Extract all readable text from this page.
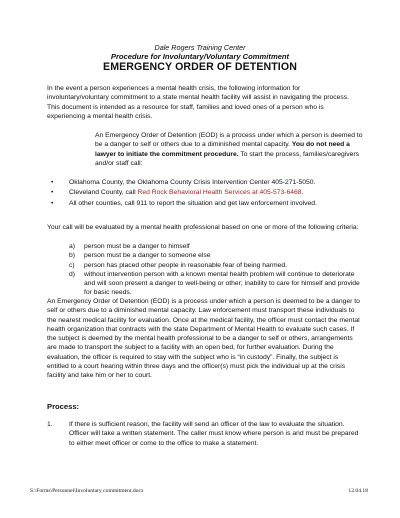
Dale Rogers Training Center
Procedure for Involuntary/Voluntary Commitment
EMERGENCY ORDER OF DETENTION

In the event a person experiences a mental health crisis, the following information for involuntary/voluntary commitment to a state mental health facility will assist in navigating the process. This document is intended as a resource for staff, families and loved ones of a person who is experiencing a mental health crisis.

An Emergency Order of Detention (EOD) is a process under which a person is deemed to be a danger to self or others due to a diminished mental capacity. You do not need a lawyer to initiate the commitment procedure. To start the process, families/caregivers and/or staff call:

• Oklahoma County, the Oklahoma County Crisis Intervention Center 405-271-5050.
• Cleveland County, call Red Rock Behavioral Health Services at 405-573-6468.
• All other counties, call 911 to report the situation and get law enforcement involved.

Your call will be evaluated by a mental health professional based on one or more of the following criteria:

a) person must be a danger to himself
b) person must be a danger to someone else
c) person has placed other people in reasonable fear of being harmed.
d) without intervention person with a known mental health problem will continue to deteriorate and will soon present a danger to well-being or other; inability to care for himself and provide for basic needs.

An Emergency Order of Detention (EOD) is a process under which a person is deemed to be a danger to self or others due to a diminished mental capacity. Law enforcement must transport these individuals to the nearest medical facility for evaluation. Once at the medical facility, the officer must contact the mental health organization that contracts with the state Department of Mental Health to evaluate such cases. If the subject is deemed by the mental health professional to be a danger to self or others, arrangements are made to transport the subject to a facility with an open bed, for further evaluation. During the evaluation, the officer is required to stay with the subject who is “in custody”. Finally, the subject is entitled to a court hearing within three days and the officer(s) must pick the individual up at the crisis facility and take him or her to court.

Process:
1. If there is sufficient reason, the facility will send an officer of the law to evaluate the situation. Officer will take a written statement. The caller must know where person is and must be prepared to either meet officer or come to the office to make a statement.
S:\Forms\Personnel\Involuntary commitment.docx	12.04.18
